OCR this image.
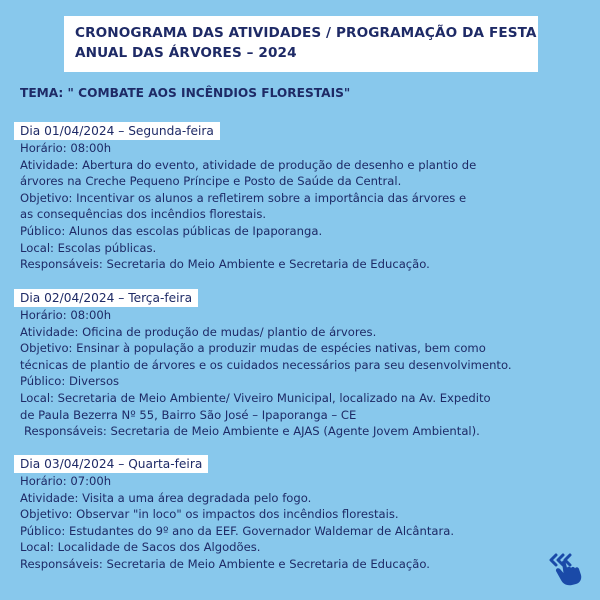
CRONOGRAMA DAS ATIVIDADES / PROGRAMAÇÃO DA FESTA
ANUAL DAS ÁRVORES – 2024
TEMA: " COMBATE AOS INCÊNDIOS FLORESTAIS"
Dia 01/04/2024 – Segunda-feira
Horário: 08:00h
Atividade: Abertura do evento, atividade de produção de desenho e plantio de
árvores na Creche Pequeno Príncipe e Posto de Saúde da Central.
Objetivo: Incentivar os alunos a refletirem sobre a importância das árvores e
as consequências dos incêndios florestais.
Público: Alunos das escolas públicas de Ipaporanga.
Local: Escolas públicas.
Responsáveis: Secretaria do Meio Ambiente e Secretaria de Educação.
Dia 02/04/2024 – Terça-feira
Horário: 08:00h
Atividade: Oficina de produção de mudas/ plantio de árvores.
Objetivo: Ensinar à população a produzir mudas de espécies nativas, bem como
técnicas de plantio de árvores e os cuidados necessários para seu desenvolvimento.
Público: Diversos
Local: Secretaria de Meio Ambiente/ Viveiro Municipal, localizado na Av. Expedito
de Paula Bezerra Nº 55, Bairro São José – Ipaporanga – CE
Responsáveis: Secretaria de Meio Ambiente e AJAS (Agente Jovem Ambiental).
Dia 03/04/2024 – Quarta-feira
Horário: 07:00h
Atividade: Visita a uma área degradada pelo fogo.
Objetivo: Observar "in loco" os impactos dos incêndios florestais.
Público: Estudantes do 9º ano da EEF. Governador Waldemar de Alcântara.
Local: Localidade de Sacos dos Algodões.
Responsáveis: Secretaria de Meio Ambiente e Secretaria de Educação.
